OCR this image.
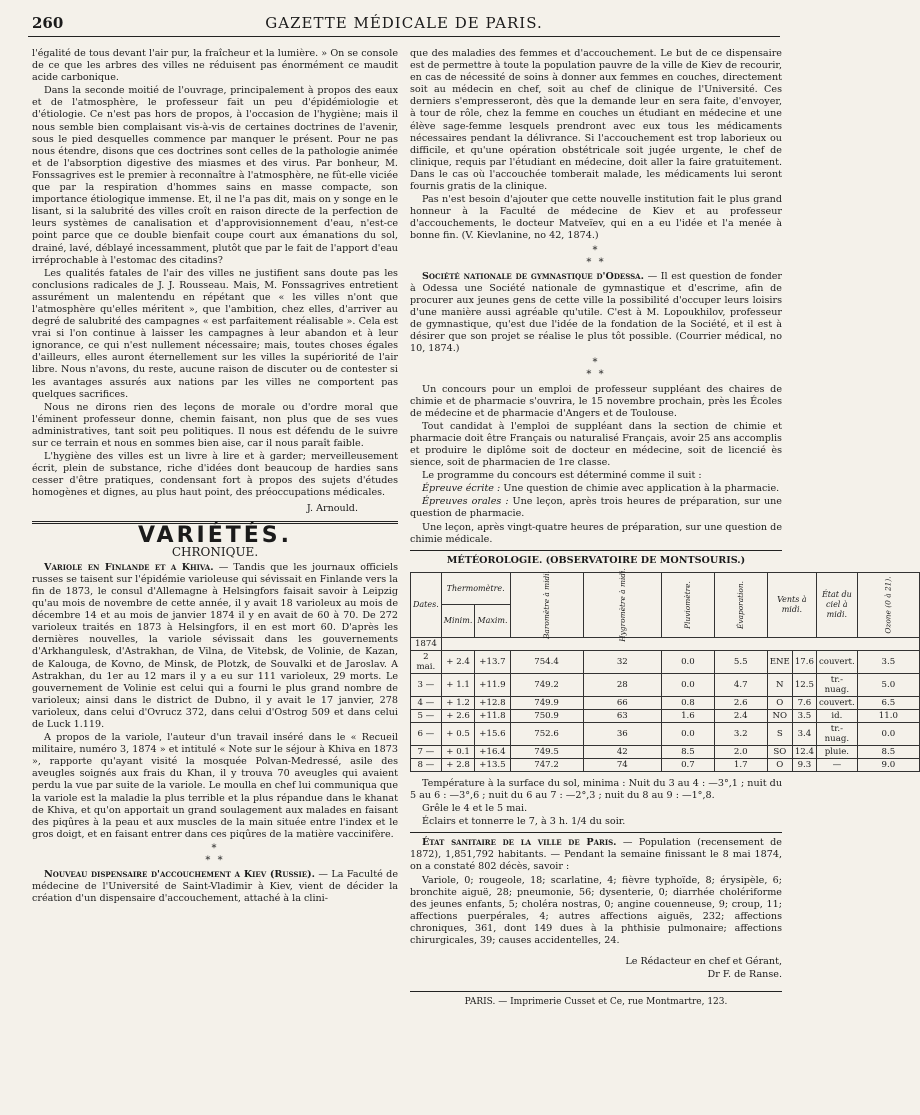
260	GAZETTE MÉDICALE DE PARIS.

l'égalité de tous devant l'air pur, la fraîcheur et la lumière. » On se console de ce que les arbres des villes ne réduisent pas énormément ce maudit acide carbonique.

Dans la seconde moitié de l'ouvrage, principalement à propos des eaux et de l'atmosphère, le professeur fait un peu d'épidémiologie et d'étiologie. Ce n'est pas hors de propos, à l'occasion de l'hygiène; mais il nous semble bien complaisant vis-à-vis de certaines doctrines de l'avenir, sous le pied desquelles commence par manquer le présent. Pour ne pas nous étendre, disons que ces doctrines sont celles de la pathologie animée et de l'absorption digestive des miasmes et des virus. Par bonheur, M. Fonssagrives est le premier à reconnaître à l'atmosphère, ne fût-elle viciée que par la respiration d'hommes sains en masse compacte, son importance étiologique immense. Et, il ne l'a pas dit, mais on y songe en le lisant, si la salubrité des villes croît en raison directe de la perfection de leurs systèmes de canalisation et d'approvisionnement d'eau, n'est-ce point parce que ce double bienfait coupe court aux émanations du sol, drainé, lavé, déblayé incessamment, plutôt que par le fait de l'apport d'eau irréprochable à l'estomac des citadins?

Les qualités fatales de l'air des villes ne justifient sans doute pas les conclusions radicales de J. J. Rousseau. Mais, M. Fonssagrives entretient assurément un malentendu en répétant que « les villes n'ont que l'atmosphère qu'elles méritent », que l'ambition, chez elles, d'arriver au degré de salubrité des campagnes « est parfaitement réalisable ». Cela est vrai si l'on continue à laisser les campagnes à leur abandon et à leur ignorance, ce qui n'est nullement nécessaire; mais, toutes choses égales d'ailleurs, elles auront éternellement sur les villes la supériorité de l'air libre. Nous n'avons, du reste, aucune raison de discuter ou de contester si les avantages assurés aux nations par les villes ne comportent pas quelques sacrifices.

Nous ne dirons rien des leçons de morale ou d'ordre moral que l'éminent professeur donne, chemin faisant, non plus que de ses vues administratives, tant soit peu politiques. Il nous est défendu de le suivre sur ce terrain et nous en sommes bien aise, car il nous paraît faible.

L'hygiène des villes est un livre à lire et à garder; merveilleusement écrit, plein de substance, riche d'idées dont beaucoup de hardies sans cesser d'être pratiques, condensant fort à propos des sujets d'études homogènes et dignes, au plus haut point, des préoccupations médicales.

J. Arnould.
VARIÉTÉS.
CHRONIQUE.

Variole en Finlande et a Khiva. — Tandis que les journaux officiels russes se taisent sur l'épidémie varioleuse qui sévissait en Finlande vers la fin de 1873, le consul d'Allemagne à Helsingfors faisait savoir à Leipzig qu'au mois de novembre de cette année, il y avait 18 varioleux au mois de décembre 14 et au mois de janvier 1874 il y en avait de 60 à 70. De 272 varioleux traités en 1873 à Helsingfors, il en est mort 60. D'après les dernières nouvelles, la variole sévissait dans les gouvernements d'Arkhangulesk, d'Astrakhan, de Vilna, de Vitebsk, de Volinie, de Kazan, de Kalouga, de Kovno, de Minsk, de Plotzk, de Souvalki et de Jaroslav. A Astrakhan, du 1er au 12 mars il y a eu sur 111 varioleux, 29 morts. Le gouvernement de Volinie est celui qui a fourni le plus grand nombre de varioleux; ainsi dans le district de Dubno, il y avait le 17 janvier, 278 varioleux, dans celui d'Ovrucz 372, dans celui d'Ostrog 509 et dans celui de Luck 1.119.

A propos de la variole, l'auteur d'un travail inséré dans le « Recueil militaire, numéro 3, 1874 » et intitulé « Note sur le séjour à Khiva en 1873 », rapporte qu'ayant visité la mosquée Polvan-Medressé, asile des aveugles soignés aux frais du Khan, il y trouva 70 aveugles qui avaient perdu la vue par suite de la variole. Le moulla en chef lui communiqua que la variole est la maladie la plus terrible et la plus répandue dans le khanat de Khiva, et qu'on apportait un grand soulagement aux malades en faisant des piqûres à la peau et aux muscles de la main située entre l'index et le gros doigt, et en faisant entrer dans ces piqûres de la matière vaccinifère.

*
* *

Nouveau dispensaire d'accouchement a Kiev (Russie). — La Faculté de médecine de l'Université de Saint-Vladimir à Kiev, vient de décider la création d'un dispensaire d'accouchement, attaché à la clini-

que des maladies des femmes et d'accouchement. Le but de ce dispensaire est de permettre à toute la population pauvre de la ville de Kiev de recourir, en cas de nécessité de soins à donner aux femmes en couches, directement soit au médecin en chef, soit au chef de clinique de l'Université. Ces derniers s'empresseront, dès que la demande leur en sera faite, d'envoyer, à tour de rôle, chez la femme en couches un étudiant en médecine et une élève sage-femme lesquels prendront avec eux tous les médicaments nécessaires pendant la délivrance. Si l'accouchement est trop laborieux ou difficile, et qu'une opération obstétricale soit jugée urgente, le chef de clinique, requis par l'étudiant en médecine, doit aller la faire gratuitement. Dans le cas où l'accouchée tomberait malade, les médicaments lui seront fournis gratis de la clinique.

Pas n'est besoin d'ajouter que cette nouvelle institution fait le plus grand honneur à la Faculté de médecine de Kiev et au professeur d'accouchements, le docteur Matveïev, qui en a eu l'idée et l'a menée à bonne fin. (V. Kievlanine, no 42, 1874.)

*
* *

Société nationale de gymnastique d'Odessa. — Il est question de fonder à Odessa une Société nationale de gymnastique et d'escrime, afin de procurer aux jeunes gens de cette ville la possibilité d'occuper leurs loisirs d'une manière aussi agréable qu'utile. C'est à M. Lopoukhilov, professeur de gymnastique, qu'est due l'idée de la fondation de la Société, et il est à désirer que son projet se réalise le plus tôt possible. (Courrier médical, no 10, 1874.)

*
* *

Un concours pour un emploi de professeur suppléant des chaires de chimie et de pharmacie s'ouvrira, le 15 novembre prochain, près les Écoles de médecine et de pharmacie d'Angers et de Toulouse.

Tout candidat à l'emploi de suppléant dans la section de chimie et pharmacie doit être Français ou naturalisé Français, avoir 25 ans accomplis et produire le diplôme soit de docteur en médecine, soit de licencié ès sience, soit de pharmacien de 1re classe.

Le programme du concours est déterminé comme il suit :

Épreuve écrite : Une question de chimie avec application à la pharmacie.

Épreuves orales : Une leçon, après trois heures de préparation, sur une question de pharmacie.

Une leçon, après vingt-quatre heures de préparation, sur une question de chimie médicale.

MÉTÉOROLOGIE. (OBSERVATOIRE DE MONTSOURIS.)
Dates.	Thermomètre.		Baromètre à midi.	Hygromètre à midi.	Pluviomètre.	Évaporation.	Vents à midi.		État du ciel à midi.	Ozone (0 à 21).
	Minim.	Maxim.								
1874										
2 mai.	+ 2.4	+13.7	754.4	32	0.0	5.5	ENE	17.6	couvert.	3.5
3 —	+ 1.1	+11.9	749.2	28	0.0	4.7	N	12.5	tr.-nuag.	5.0
4 —	+ 1.2	+12.8	749.9	66	0.8	2.6	O	7.6	couvert.	6.5
5 —	+ 2.6	+11.8	750.9	63	1.6	2.4	NO	3.5	id.	11.0
6 —	+ 0.5	+15.6	752.6	36	0.0	3.2	S	3.4	tr.-nuag.	0.0
7 —	+ 0.1	+16.4	749.5	42	8.5	2.0	SO	12.4	pluie.	8.5
8 —	+ 2.8	+13.5	747.2	74	0.7	1.7	O	9.3	—	9.0

Température à la surface du sol, minima : Nuit du 3 au 4 : —3°,1 ; nuit du 5 au 6 : —3°,6 ; nuit du 6 au 7 : —2°,3 ; nuit du 8 au 9 : —1°,8.

Grêle le 4 et le 5 mai.

Éclairs et tonnerre le 7, à 3 h. 1/4 du soir.

État sanitaire de la ville de Paris. — Population (recensement de 1872), 1,851,792 habitants. — Pendant la semaine finissant le 8 mai 1874, on a constaté 802 décès, savoir :

Variole, 0; rougeole, 18; scarlatine, 4; fièvre typhoïde, 8; érysipèle, 6; bronchite aiguë, 28; pneumonie, 56; dysenterie, 0; diarrhée cholériforme des jeunes enfants, 5; choléra nostras, 0; angine couenneuse, 9; croup, 11; affections puerpérales, 4; autres affections aiguës, 232; affections chroniques, 361, dont 149 dues à la phthisie pulmonaire; affections chirurgicales, 39; causes accidentelles, 24.

Le Rédacteur en chef et Gérant,
Dr F. de Ranse.
PARIS. — Imprimerie Cusset et Ce, rue Montmartre, 123.
